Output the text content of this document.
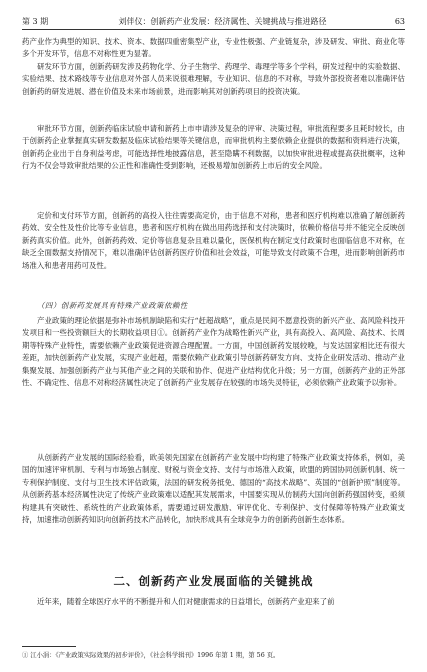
第 3 期	刘伴仪：创新药产业发展：经济属性、关键挑战与推进路径	63

药产业作为典型的知识、技术、资本、数据四重密集型产业，专业性极强、产业链复杂，涉及研发、审批、商业化等多个开发环节，信息不对称性更为显著。

研发环节方面，创新药研发涉及药物化学、分子生物学、药理学、毒理学等多个学科，研发过程中的实验数据、实验结果、技术路线等专业信息对外部人员来说很难理解，专业知识、信息的不对称，导致外部投资者难以准确评估创新药的研发进展、潜在价值及未来市场前景，进而影响其对创新药项目的投资决策。

审批环节方面，创新药临床试验申请和新药上市申请涉及复杂的评审、决策过程，审批流程要多且耗时较长，由于创新药企业掌握真实研发数据及临床试验结果等关键信息，而审批机构主要依赖企业提供的数据和资料进行决策，创新药企业出于自身利益考虑，可能选择性地披露信息，甚至隐瞒不利数据，以加快审批进程或提高获批概率，这种行为不仅会导致审批结果的公正性和准确性受到影响，还极易增加创新药上市后的安全风险。

定价和支付环节方面，创新药的高投入往往需要高定价，由于信息不对称，患者和医疗机构难以准确了解创新药药效、安全性及性价比等专业信息，患者和医疗机构在做出用药选择和支付决策时，依赖价格信号并不能完全反映创新药真实价值。此外，创新药药效、定价等信息复杂且难以量化，医保机构在制定支付政策时也面临信息不对称，在缺乏全面数据支持情况下，难以准确评估创新药医疗价值和社会效益，可能导致支付政策不合理，进而影响创新药市场准入和患者用药可及性。

（四）创新药发展具有特殊产业政策依赖性

产业政策的理论依据是弥补市场机制缺陷和实行“赶超战略”，重点是民间不愿意投资的新兴产业、高风险科技开发项目和一些投资额巨大的长期收益项目①。创新药产业作为战略性新兴产业，具有高投入、高风险、高技术、长周期等特殊产业特性，需要依赖产业政策促进资源合理配置。一方面，中国创新药发展较晚，与发达国家相比还有很大差距，加快创新药产业发展，实现产业赶超，需要依赖产业政策引导创新药研发方向、支持企业研发活动、推动产业集聚发展、加强创新药产业与其他产业之间的关联和协作、促进产业结构优化升级；另一方面，创新药产业的正外部性、不确定性、信息不对称经济属性决定了创新药产业发展存在较强的市场失灵特征，必须依赖产业政策予以弥补。

从创新药产业发展的国际经验看，欧美领先国家在创新药产业发展中均构建了特殊产业政策支持体系，例如，美国的加速评审机制、专利与市场独占制度、财税与资金支持、支付与市场准入政策，欧盟的跨国协同创新机制、统一专利保护制度、支付与卫生技术评估政策，法国的研发税务抵免、德国的“高技术战略”、英国的“创新护照”制度等。从创新药基本经济属性决定了传统产业政策难以适配其发展需求，中国要实现从仿制药大国向创新药强国转变，亟须构建具有突破性、系统性的产业政策体系，需要通过研发激励、审评优化、专利保护、支付保障等特殊产业政策支持，加速推动创新药知识向创新药技术产品转化，加快形成具有全球竞争力的创新药创新生态体系。

二、创新药产业发展面临的关键挑战

近年来，随着全球医疗水平的不断提升和人们对健康需求的日益增长，创新药产业迎来了前

① 江小涓：《产业政策实际效果的初步评价》，《社会科学辑刊》1996 年第 1 期，第 56 页。
